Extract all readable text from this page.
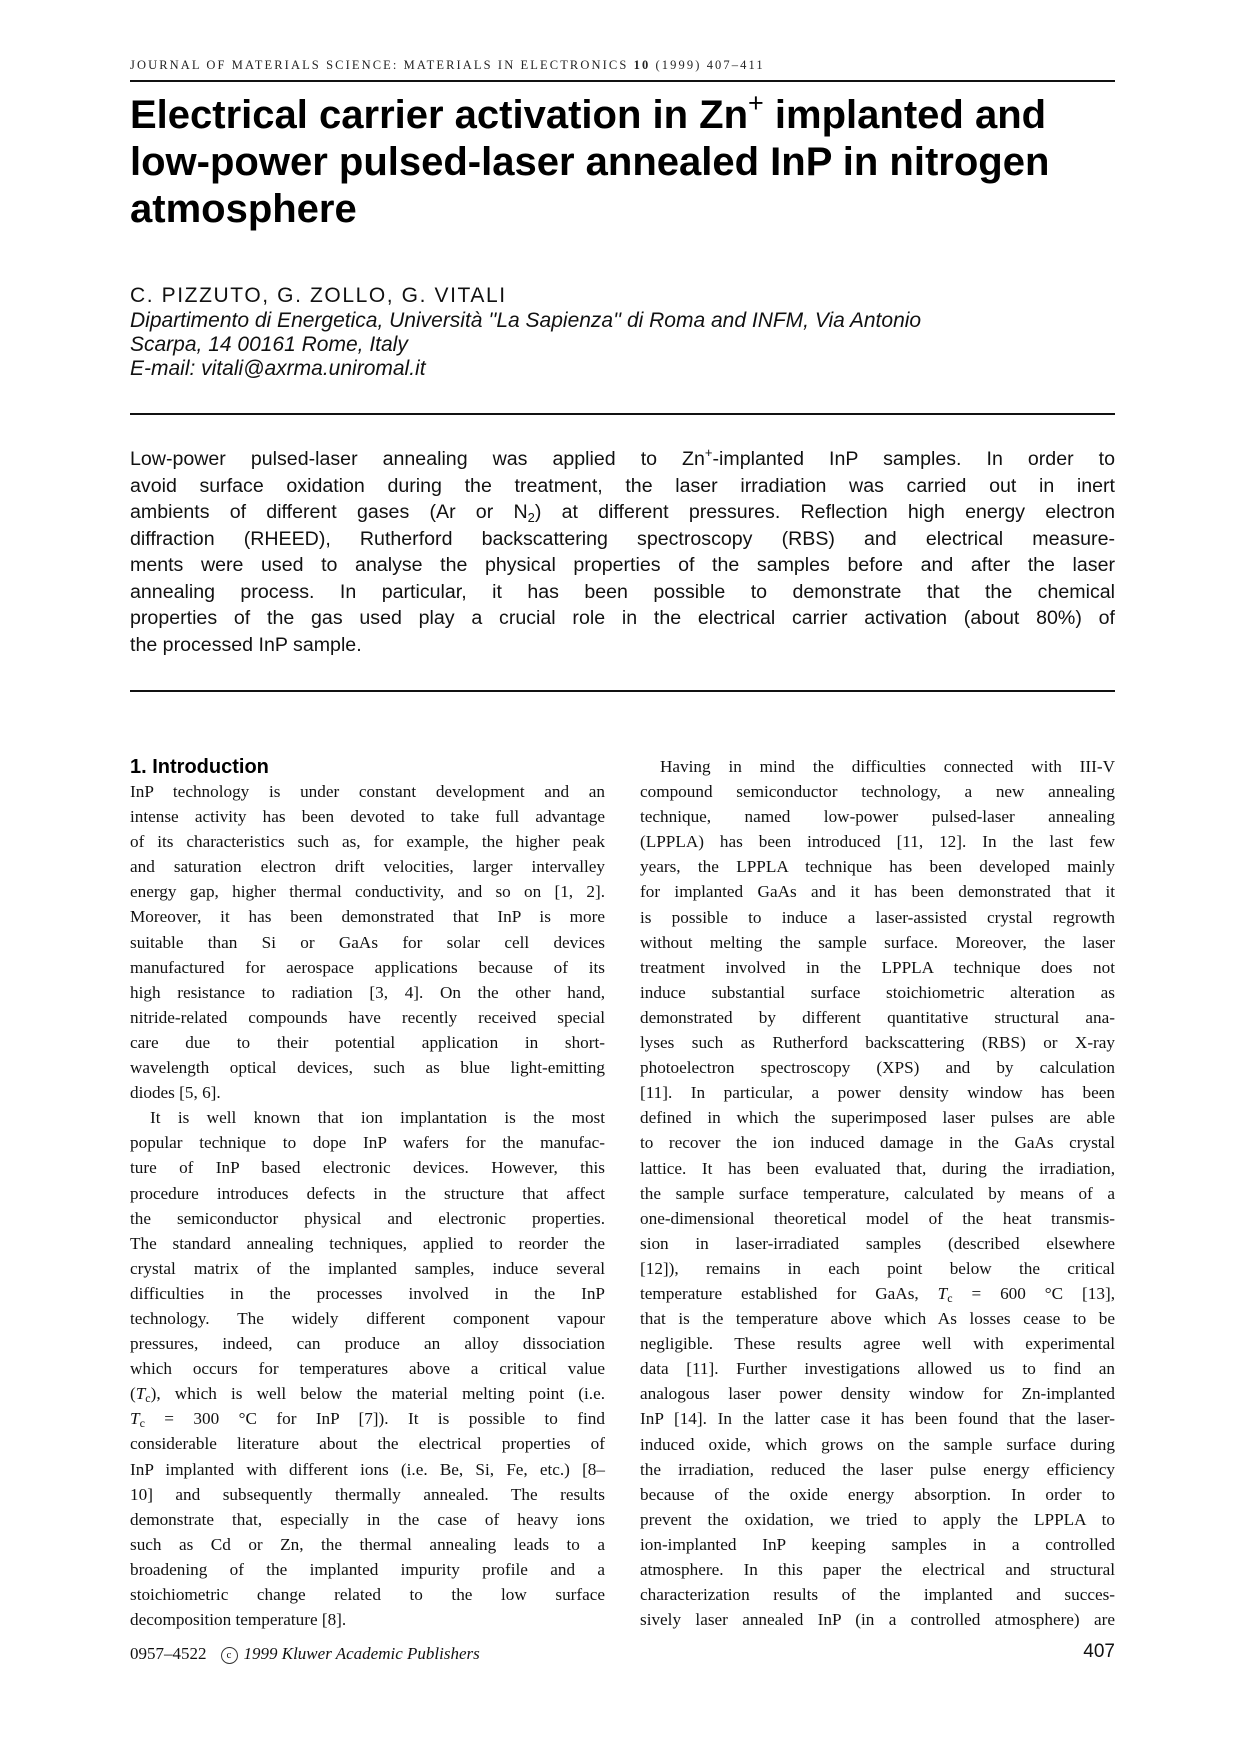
JOURNAL OF MATERIALS SCIENCE: MATERIALS IN ELECTRONICS 10 (1999) 407–411
Electrical carrier activation in Zn+ implanted and
low-power pulsed-laser annealed InP in nitrogen
atmosphere
C. PIZZUTO, G. ZOLLO, G. VITALI
Dipartimento di Energetica, Università ''La Sapienza'' di Roma and INFM, Via Antonio
Scarpa, 14 00161 Rome, Italy
E-mail: vitali@axrma.uniromal.it
Low-power pulsed-laser annealing was applied to Zn+-implanted InP samples. In order to
avoid surface oxidation during the treatment, the laser irradiation was carried out in inert
ambients of different gases (Ar or $N_2$) at different pressures. Reflection high energy electron
diffraction (RHEED), Rutherford backscattering spectroscopy (RBS) and electrical measure-
ments were used to analyse the physical properties of the samples before and after the laser
annealing process. In particular, it has been possible to demonstrate that the chemical
properties of the gas used play a crucial role in the electrical carrier activation (about 80%) of
the processed InP sample.
1. Introduction
InP technology is under constant development and an
intense activity has been devoted to take full advantage
of its characteristics such as, for example, the higher peak
and saturation electron drift velocities, larger intervalley
energy gap, higher thermal conductivity, and so on [1, 2].
Moreover, it has been demonstrated that InP is more
suitable than Si or GaAs for solar cell devices
manufactured for aerospace applications because of its
high resistance to radiation [3, 4]. On the other hand,
nitride-related compounds have recently received special
care due to their potential application in short-
wavelength optical devices, such as blue light-emitting
diodes [5, 6].
It is well known that ion implantation is the most
popular technique to dope InP wafers for the manufac-
ture of InP based electronic devices. However, this
procedure introduces defects in the structure that affect
the semiconductor physical and electronic properties.
The standard annealing techniques, applied to reorder the
crystal matrix of the implanted samples, induce several
difficulties in the processes involved in the InP
technology. The widely different component vapour
pressures, indeed, can produce an alloy dissociation
which occurs for temperatures above a critical value
$(T_c)$, which is well below the material melting point (i.e.
$T_c = 300$ °C for InP [7]). It is possible to find
considerable literature about the electrical properties of
InP implanted with different ions (i.e. Be, Si, Fe, etc.) [8–
10] and subsequently thermally annealed. The results
demonstrate that, especially in the case of heavy ions
such as Cd or Zn, the thermal annealing leads to a
broadening of the implanted impurity profile and a
stoichiometric change related to the low surface
decomposition temperature [8].
Having in mind the difficulties connected with III-V
compound semiconductor technology, a new annealing
technique, named low-power pulsed-laser annealing
(LPPLA) has been introduced [11, 12]. In the last few
years, the LPPLA technique has been developed mainly
for implanted GaAs and it has been demonstrated that it
is possible to induce a laser-assisted crystal regrowth
without melting the sample surface. Moreover, the laser
treatment involved in the LPPLA technique does not
induce substantial surface stoichiometric alteration as
demonstrated by different quantitative structural ana-
lyses such as Rutherford backscattering (RBS) or X-ray
photoelectron spectroscopy (XPS) and by calculation
[11]. In particular, a power density window has been
defined in which the superimposed laser pulses are able
to recover the ion induced damage in the GaAs crystal
lattice. It has been evaluated that, during the irradiation,
the sample surface temperature, calculated by means of a
one-dimensional theoretical model of the heat transmis-
sion in laser-irradiated samples (described elsewhere
[12]), remains in each point below the critical
temperature established for GaAs, $T_c = 600$ °C [13],
that is the temperature above which As losses cease to be
negligible. These results agree well with experimental
data [11]. Further investigations allowed us to find an
analogous laser power density window for Zn-implanted
InP [14]. In the latter case it has been found that the laser-
induced oxide, which grows on the sample surface during
the irradiation, reduced the laser pulse energy efficiency
because of the oxide energy absorption. In order to
prevent the oxidation, we tried to apply the LPPLA to
ion-implanted InP keeping samples in a controlled
atmosphere. In this paper the electrical and structural
characterization results of the implanted and succes-
sively laser annealed InP (in a controlled atmosphere) are
0957–4522 c 1999 Kluwer Academic Publishers	407
